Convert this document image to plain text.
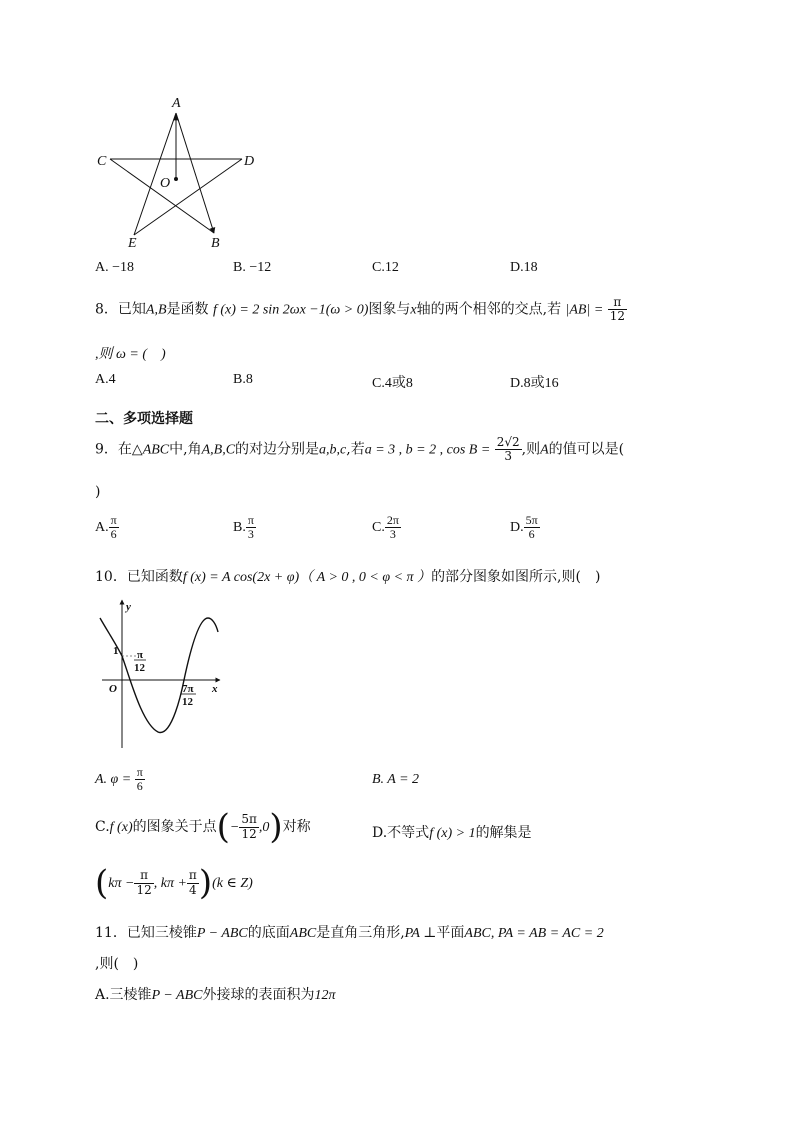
A
C	D
O
E	B
A. −18	B. −12	C.12	D.18
8．已知A,B是函数 f (x) = 2 sin 2ωx −1(ω > 0)图象与x轴的两个相邻的交点,若 $|AB| = \frac{\pi}{12}$
,则 ω = (　)
A.4	B.8	C.4或8	D.8或16
二、多项选择题
9．在△ABC中,角A,B,C的对边分别是a,b,c,若a = 3 , b = 2 , $\cos B = \frac{2√2}{3}$ ,则A的值可以是(
)
A. $\frac{\pi}{6}$	B. $\frac{\pi}{3}$	C. $\frac{2\pi}{3}$	D. $\frac{5\pi}{6}$
10．已知函数f (x) = A cos(2x + φ)（ A > 0 , 0 < φ < π ）的部分图象如图所示,则(　)
y
x
O
1 π
12
7π
12
A. $\varphi = \frac{\pi}{6}$	B. A = 2
C.f (x)的图象关于点(− $\frac{5\pi}{12} ,0$)对称	D.不等式f (x) > 1的解集是
($k\pi - \frac{\pi}{12}$ , $k\pi + \frac{\pi}{4} )(k$ ∈ Z)
11．已知三棱锥P − ABC的底面ABC是直角三角形,PA ⊥平面ABC, PA = AB = AC = 2
,则(　)
A.三棱锥P − ABC外接球的表面积为12π
